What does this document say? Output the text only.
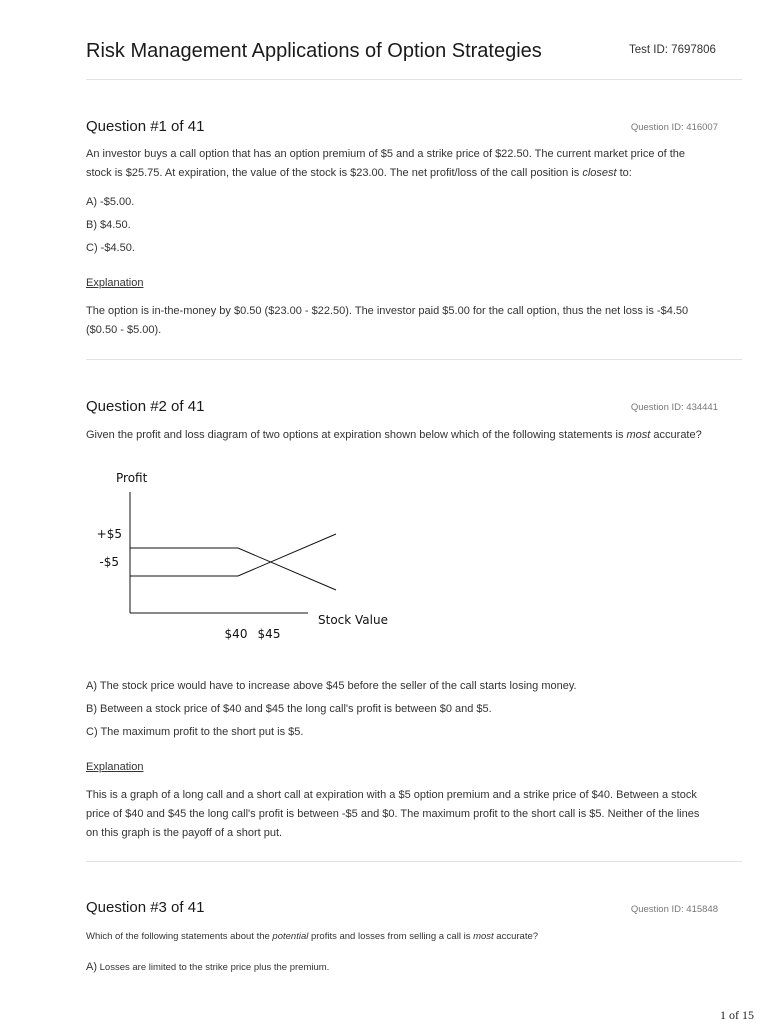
Risk Management Applications of Option Strategies	Test ID: 7697806
Question #1 of 41	Question ID: 416007
An investor buys a call option that has an option premium of $5 and a strike price of $22.50. The current market price of the stock is $25.75. At expiration, the value of the stock is $23.00. The net profit/loss of the call position is closest to:
A) -$5.00.
B) $4.50.
C) -$4.50.
Explanation
The option is in-the-money by $0.50 ($23.00 - $22.50). The investor paid $5.00 for the call option, thus the net loss is -$4.50 ($0.50 - $5.00).
Question #2 of 41	Question ID: 434441
Given the profit and loss diagram of two options at expiration shown below which of the following statements is most accurate?
Profit
Stock Value
+$5
-$5
$40 $45
A) The stock price would have to increase above $45 before the seller of the call starts losing money.
B) Between a stock price of $40 and $45 the long call's profit is between $0 and $5.
C) The maximum profit to the short put is $5.
Explanation
This is a graph of a long call and a short call at expiration with a $5 option premium and a strike price of $40. Between a stock price of $40 and $45 the long call's profit is between -$5 and $0. The maximum profit to the short call is $5. Neither of the lines on this graph is the payoff of a short put.
Question #3 of 41	Question ID: 415848
Which of the following statements about the potential profits and losses from selling a call is most accurate?
A) Losses are limited to the strike price plus the premium.
1 of 15
